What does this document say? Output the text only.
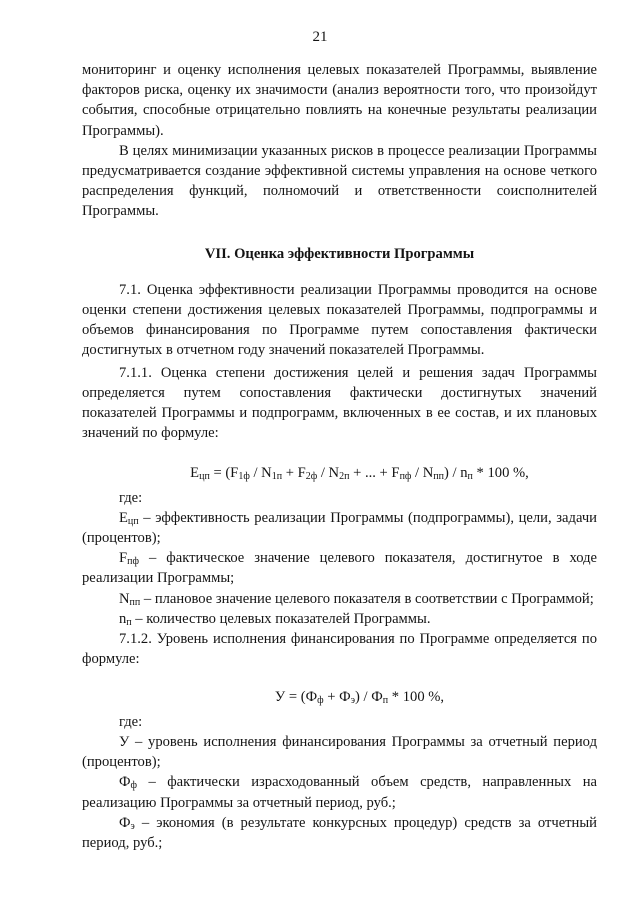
21

мониторинг и оценку исполнения целевых показателей Программы, выявление факторов риска, оценку их значимости (анализ вероятности того, что произойдут события, способные отрицательно повлиять на конечные результаты реализации Программы).

В целях минимизации указанных рисков в процессе реализации Программы предусматривается создание эффективной системы управления на основе четкого распределения функций, полномочий и ответственности соисполнителей Программы.

VII. Оценка эффективности Программы

7.1. Оценка эффективности реализации Программы проводится на основе оценки степени достижения целевых показателей Программы, подпрограммы и объемов финансирования по Программе путем сопоставления фактически достигнутых в отчетном году значений показателей Программы.

7.1.1. Оценка степени достижения целей и решения задач Программы определяется путем сопоставления фактически достигнутых значений показателей Программы и подпрограмм, включенных в ее состав, и их плановых значений по формуле:

$Е_{цп} = (F_{1ф} / N_{1п} + F_{2ф} / N_{2п}$ + ... + $F_{пф} / N_{пп}) / n_п * 100$ %,

где:

$Е_{цп}$ – эффективность реализации Программы (подпрограммы), цели, задачи (процентов);

$F_{пф}$ – фактическое значение целевого показателя, достигнутое в ходе реализации Программы;

$N_{пп}$ – плановое значение целевого показателя в соответствии с Программой;

$n_п$ – количество целевых показателей Программы.

7.1.2. Уровень исполнения финансирования по Программе определяется по формуле:

$У = (Ф_ф + Ф_э) / Ф_п * 100$ %,

где:

У – уровень исполнения финансирования Программы за отчетный период (процентов);

$Ф_ф$ – фактически израсходованный объем средств, направленных на реализацию Программы за отчетный период, руб.;

$Ф_э$ – экономия (в результате конкурсных процедур) средств за отчетный период, руб.;
